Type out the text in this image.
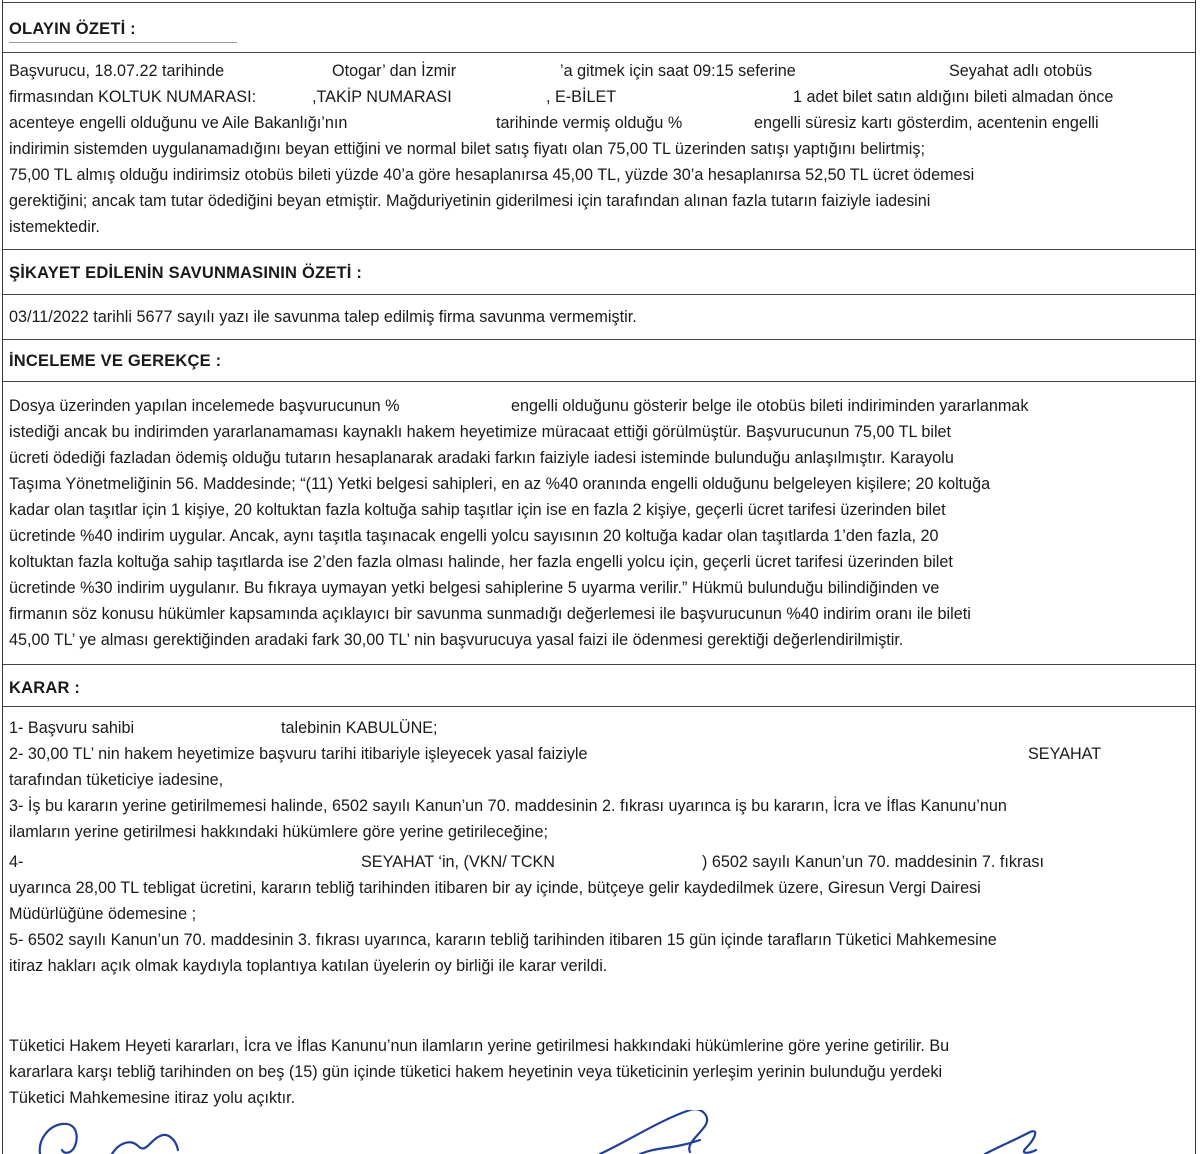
OLAYIN ÖZETİ :
Başvurucu, 18.07.22 tarihinde	Otogar’ dan İzmir	’a gitmek için saat 09:15 seferine	Seyahat adlı otobüs
firmasından KOLTUK NUMARASI:	,TAKİP NUMARASI	, E-BİLET	1 adet bilet satın aldığını bileti almadan önce
acenteye engelli olduğunu ve Aile Bakanlığı’nın	tarihinde vermiş olduğu %	engelli süresiz kartı gösterdim, acentenin engelli
indirimin sistemden uygulanamadığını beyan ettiğini ve normal bilet satış fiyatı olan 75,00 TL üzerinden satışı yaptığını belirtmiş;
75,00 TL almış olduğu indirimsiz otobüs bileti yüzde 40’a göre hesaplanırsa 45,00 TL, yüzde 30’a hesaplanırsa 52,50 TL ücret ödemesi
gerektiğini; ancak tam tutar ödediğini beyan etmiştir. Mağduriyetinin giderilmesi için tarafından alınan fazla tutarın faiziyle iadesini
istemektedir.
ŞİKAYET EDİLENİN SAVUNMASININ ÖZETİ :
03/11/2022 tarihli 5677 sayılı yazı ile savunma talep edilmiş firma savunma vermemiştir.
İNCELEME VE GEREKÇE :
Dosya üzerinden yapılan incelemede başvurucunun %	engelli olduğunu gösterir belge ile otobüs bileti indiriminden yararlanmak
istediği ancak bu indirimden yararlanamaması kaynaklı hakem heyetimize müracaat ettiği görülmüştür. Başvurucunun 75,00 TL bilet
ücreti ödediği fazladan ödemiş olduğu tutarın hesaplanarak aradaki farkın faiziyle iadesi isteminde bulunduğu anlaşılmıştır. Karayolu
Taşıma Yönetmeliğinin 56. Maddesinde; “(11) Yetki belgesi sahipleri, en az %40 oranında engelli olduğunu belgeleyen kişilere; 20 koltuğa
kadar olan taşıtlar için 1 kişiye, 20 koltuktan fazla koltuğa sahip taşıtlar için ise en fazla 2 kişiye, geçerli ücret tarifesi üzerinden bilet
ücretinde %40 indirim uygular. Ancak, aynı taşıtla taşınacak engelli yolcu sayısının 20 koltuğa kadar olan taşıtlarda 1’den fazla, 20
koltuktan fazla koltuğa sahip taşıtlarda ise 2’den fazla olması halinde, her fazla engelli yolcu için, geçerli ücret tarifesi üzerinden bilet
ücretinde %30 indirim uygulanır. Bu fıkraya uymayan yetki belgesi sahiplerine 5 uyarma verilir.” Hükmü bulunduğu bilindiğinden ve
firmanın söz konusu hükümler kapsamında açıklayıcı bir savunma sunmadığı değerlemesi ile başvurucunun %40 indirim oranı ile bileti
45,00 TL’ ye alması gerektiğinden aradaki fark 30,00 TL’ nin başvurucuya yasal faizi ile ödenmesi gerektiği değerlendirilmiştir.
KARAR :
1- Başvuru sahibi	talebinin KABULÜNE;
2- 30,00 TL’ nin hakem heyetimize başvuru tarihi itibariyle işleyecek yasal faiziyle	SEYAHAT
tarafından tüketiciye iadesine,
3- İş bu kararın yerine getirilmemesi halinde, 6502 sayılı Kanun’un 70. maddesinin 2. fıkrası uyarınca iş bu kararın, İcra ve İflas Kanunu’nun
ilamların yerine getirilmesi hakkındaki hükümlere göre yerine getirileceğine;
4-	SEYAHAT ‘in, (VKN/ TCKN	) 6502 sayılı Kanun’un 70. maddesinin 7. fıkrası
uyarınca 28,00 TL tebligat ücretini, kararın tebliğ tarihinden itibaren bir ay içinde, bütçeye gelir kaydedilmek üzere, Giresun Vergi Dairesi
Müdürlüğüne ödemesine ;
5- 6502 sayılı Kanun’un 70. maddesinin 3. fıkrası uyarınca, kararın tebliğ tarihinden itibaren 15 gün içinde tarafların Tüketici Mahkemesine
itiraz hakları açık olmak kaydıyla toplantıya katılan üyelerin oy birliği ile karar verildi.
Tüketici Hakem Heyeti kararları, İcra ve İflas Kanunu’nun ilamların yerine getirilmesi hakkındaki hükümlerine göre yerine getirilir. Bu
kararlara karşı tebliğ tarihinden on beş (15) gün içinde tüketici hakem heyetinin veya tüketicinin yerleşim yerinin bulunduğu yerdeki
Tüketici Mahkemesine itiraz yolu açıktır.
